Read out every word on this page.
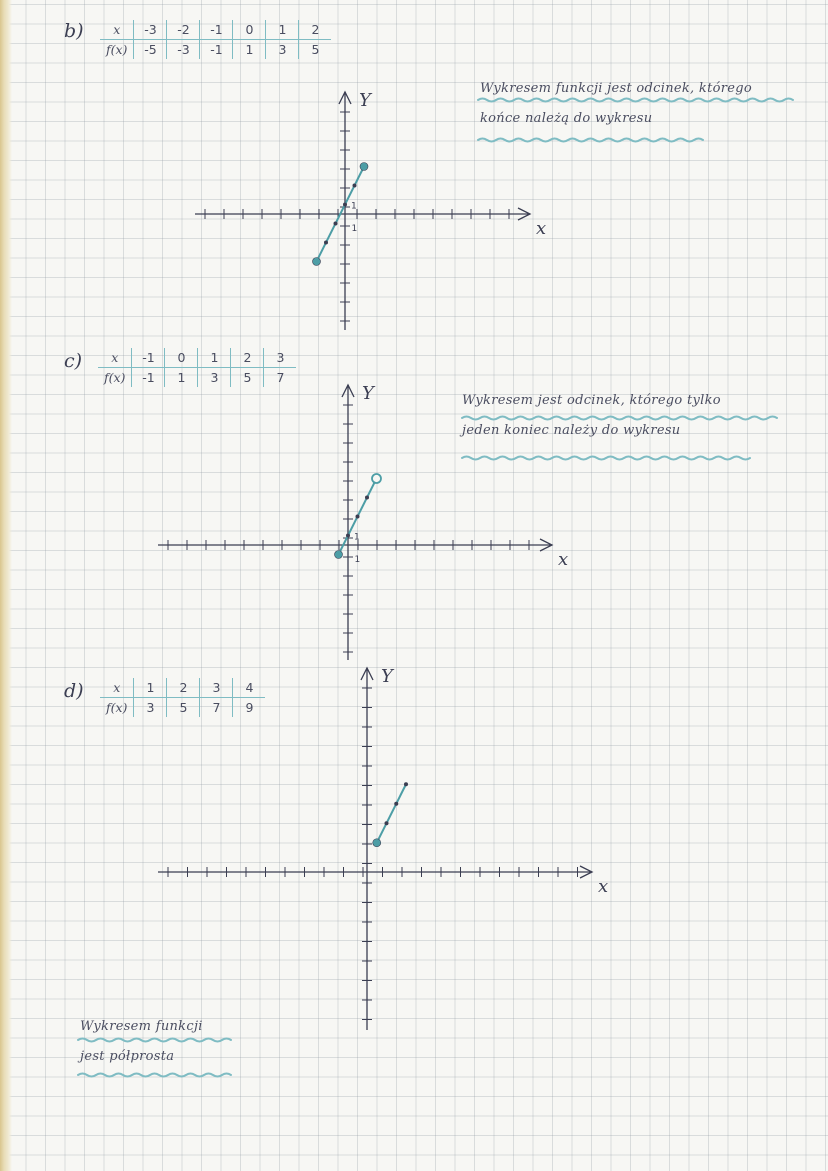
b) x	-3	-2	-1	0	1	2
f(x)	-5	-3	-1	1	3	5
Wykresem funkcji jest odcinek, którego
końce należą do wykresu
c) x	-1	0	1	2	3
f(x)	-1	1	3	5	7
Wykresem jest odcinek, którego tylko
jeden koniec należy do wykresu
d) x	1	2	3	4
f(x)	3	5	7	9
Wykresem funkcji
jest półprosta
x
Y
1
1
x
Y
1
1
x
Y
